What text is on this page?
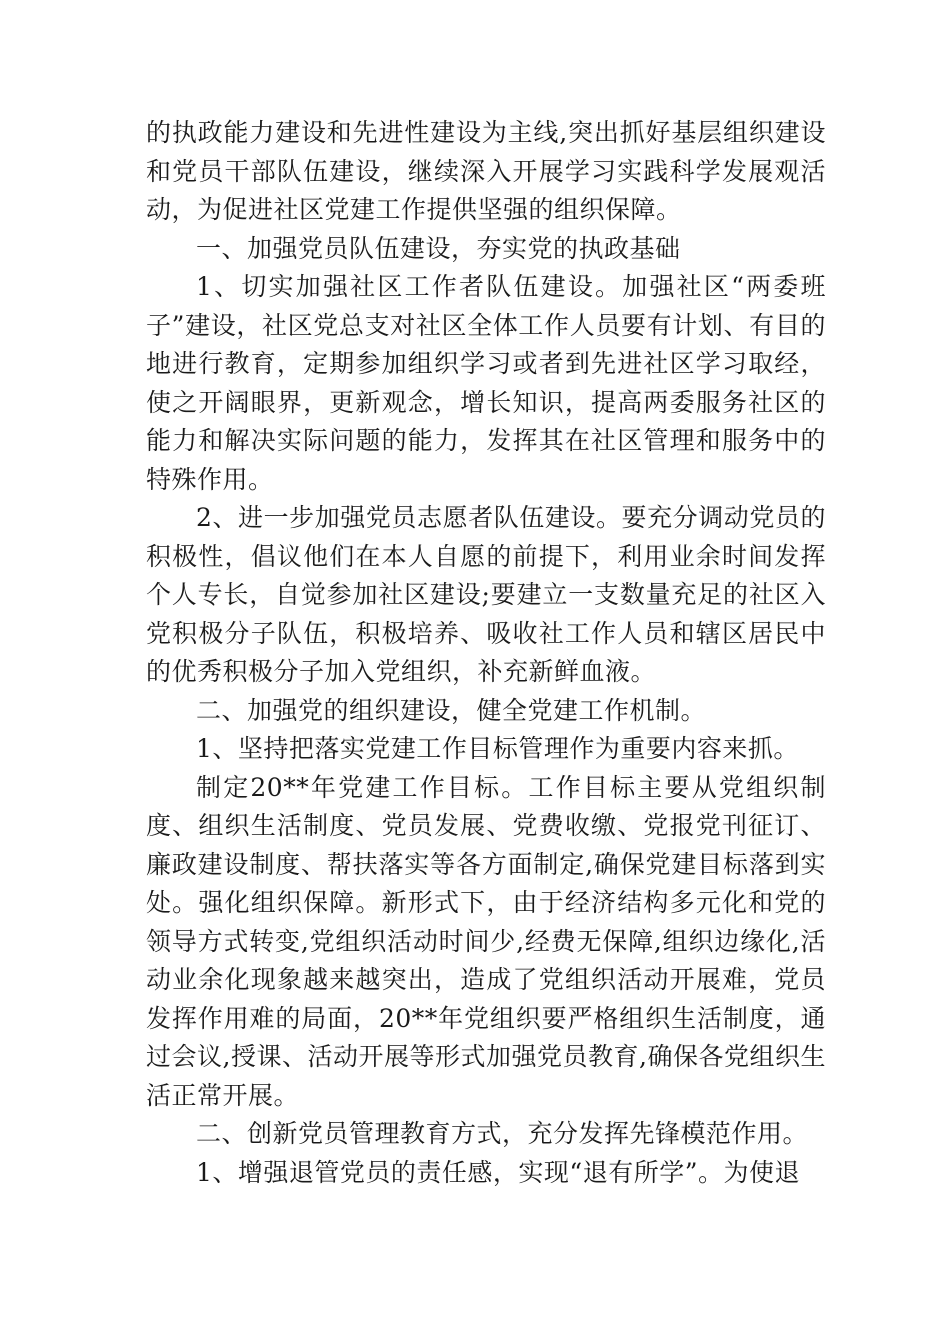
的执政能力建设和先进性建设为主线,突出抓好基层组织建设和党员干部队伍建设，继续深入开展学习实践科学发展观活动，为促进社区党建工作提供坚强的组织保障。

一、加强党员队伍建设，夯实党的执政基础

1、切实加强社区工作者队伍建设。加强社区“两委班子”建设，社区党总支对社区全体工作人员要有计划、有目的地进行教育，定期参加组织学习或者到先进社区学习取经，使之开阔眼界，更新观念，增长知识，提高两委服务社区的能力和解决实际问题的能力，发挥其在社区管理和服务中的特殊作用。

2、进一步加强党员志愿者队伍建设。要充分调动党员的积极性，倡议他们在本人自愿的前提下，利用业余时间发挥个人专长，自觉参加社区建设;要建立一支数量充足的社区入党积极分子队伍，积极培养、吸收社工作人员和辖区居民中的优秀积极分子加入党组织，补充新鲜血液。

二、加强党的组织建设，健全党建工作机制。

1、坚持把落实党建工作目标管理作为重要内容来抓。

制定20**年党建工作目标。工作目标主要从党组织制度、组织生活制度、党员发展、党费收缴、党报党刊征订、廉政建设制度、帮扶落实等各方面制定,确保党建目标落到实处。强化组织保障。新形式下，由于经济结构多元化和党的领导方式转变,党组织活动时间少,经费无保障,组织边缘化,活动业余化现象越来越突出，造成了党组织活动开展难，党员发挥作用难的局面，20**年党组织要严格组织生活制度，通过会议,授课、活动开展等形式加强党员教育,确保各党组织生活正常开展。

二、创新党员管理教育方式，充分发挥先锋模范作用。

1、增强退管党员的责任感，实现“退有所学”。为使退
